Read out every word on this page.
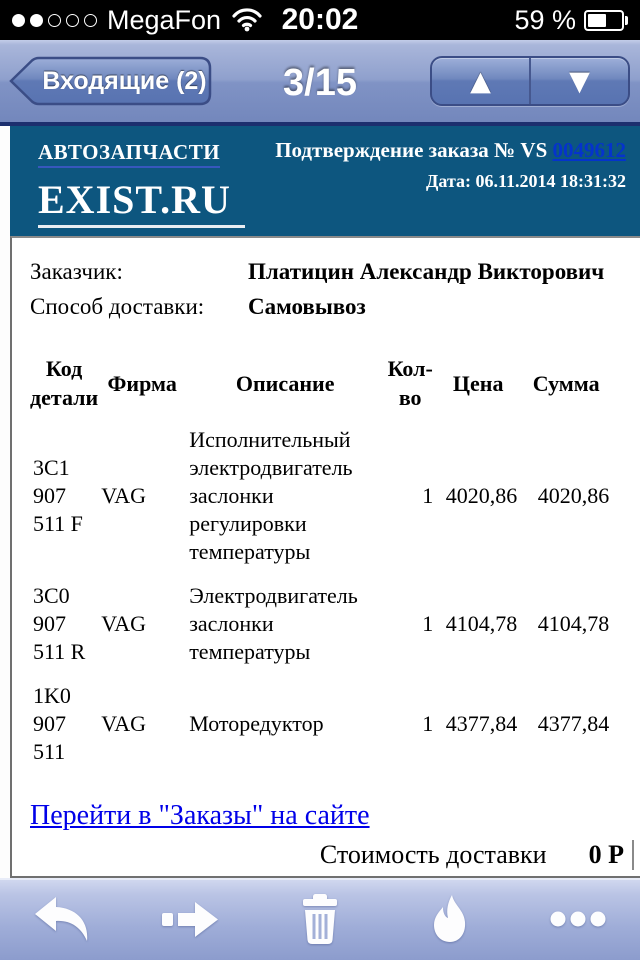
MegaFon	20:02	59 %
Входящие (2)	3/15	▲	▼
АВТОЗАПЧАСТИ

EXIST.RU
Подтверждение заказа № VS 0049612
Дата: 06.11.2014 18:31:32
Заказчик:	Платицин Александр Викторович
Способ доставки:	Самовывоз
Код детали	Фирма	Описание	Кол-во	Цена	Сумма
3C1 907 511 F	VAG	Исполнительный электродвигатель заслонки регулировки температуры	1	4020,86	4020,86
3C0 907 511 R	VAG	Электродвигатель заслонки температуры	1	4104,78	4104,78
1K0 907 511	VAG	Моторедуктор	1	4377,84	4377,84
Перейти в "Заказы" на сайте
Стоимость доставки 0 Р
